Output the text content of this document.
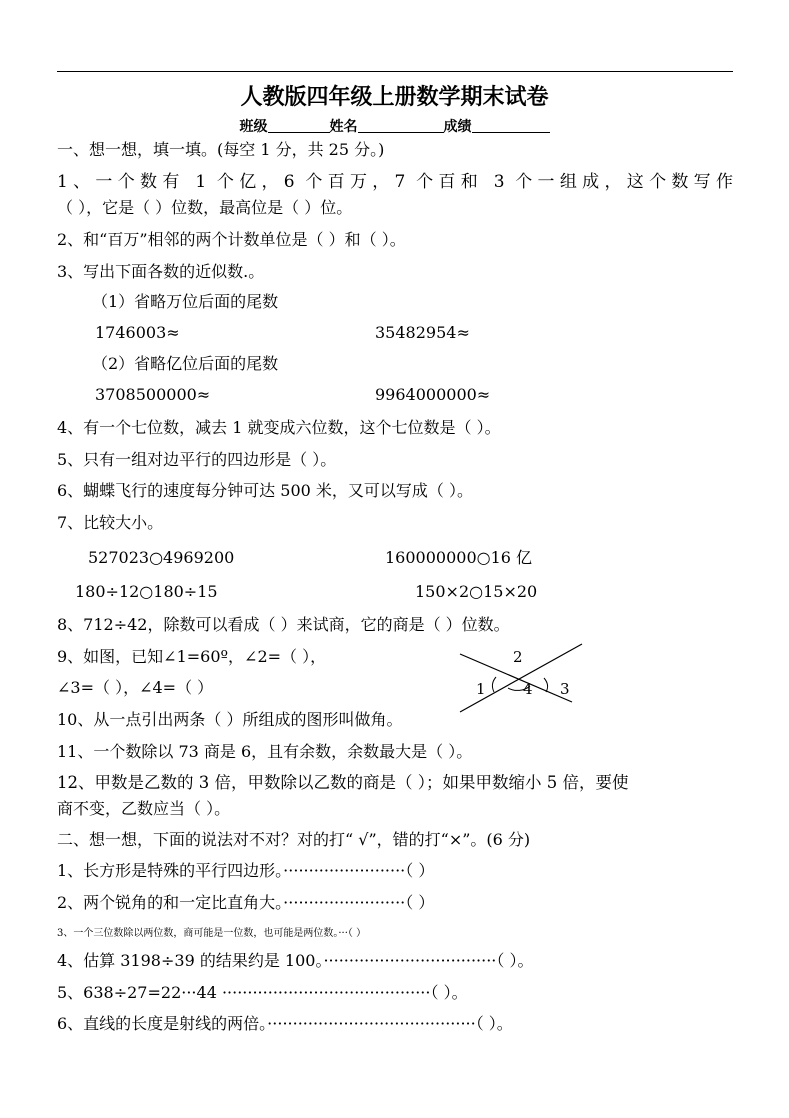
人教版四年级上册数学期末试卷
班级	姓名	成绩
一、想一想，填一填。(每空 1 分，共 25 分。)
1、一个数有 1 个亿，6 个百万，7 个百和 3 个一组成，这个数写作
（ ），它是（ ）位数，最高位是（ ）位。
2、和“百万”相邻的两个计数单位是（ ）和（ ）。
3、写出下面各数的近似数.。
（1）省略万位后面的尾数
1746003≈	35482954≈
（2）省略亿位后面的尾数
3708500000≈	9964000000≈
4、有一个七位数，减去 1 就变成六位数，这个七位数是（ ）。
5、只有一组对边平行的四边形是（ ）。
6、蝴蝶飞行的速度每分钟可达 500 米，又可以写成（ ）。
7、比较大小。
527023○4969200	160000000○16 亿
180÷12○180÷15	150×2○15×20
8、712÷42，除数可以看成（ ）来试商，它的商是（ ）位数。
9、如图，已知∠1=60º，∠2=（ ），
∠3=（ ），∠4=（ ）	1
2
3
4
10、从一点引出两条（ ）所组成的图形叫做角。
11、一个数除以 73 商是 6，且有余数，余数最大是（ ）。
12、甲数是乙数的 3 倍，甲数除以乙数的商是（ ）；如果甲数缩小 5 倍，要使
商不变，乙数应当（ ）。
二、想一想，下面的说法对不对？对的打“ √”，错的打“×”。(6 分)
1、长方形是特殊的平行四边形。························（ ）
2、两个锐角的和一定比直角大。························（ ）
3、一个三位数除以两位数，商可能是一位数，也可能是两位数。···（ ）
4、估算 3198÷39 的结果约是 100。··································（ ）。
5、638÷27=22···44 ·········································（ ）。
6、直线的长度是射线的两倍。·········································（ ）。
